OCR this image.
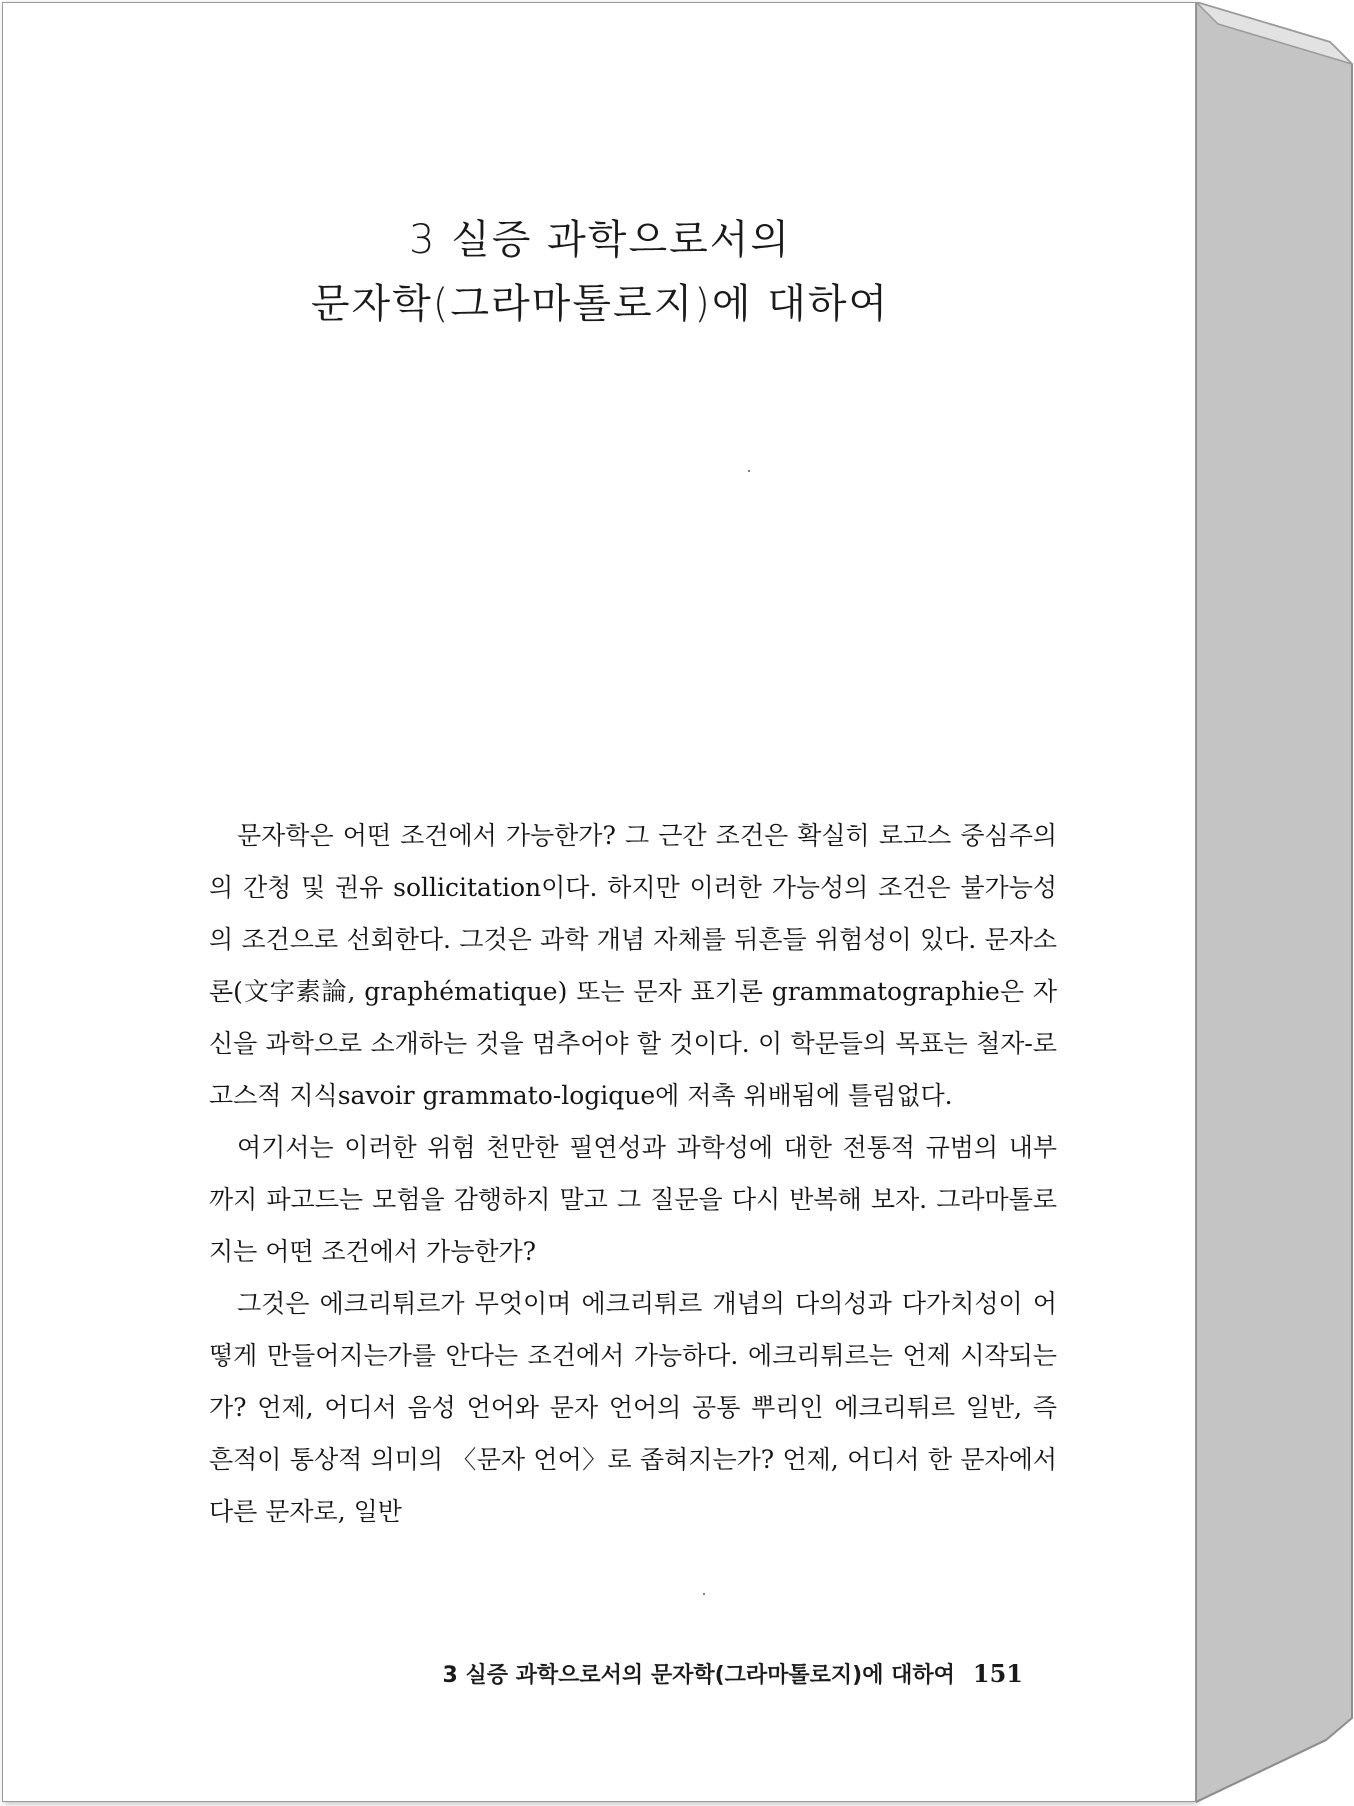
3 실증 과학으로서의
문자학(그라마톨로지)에 대하여

문자학은 어떤 조건에서 가능한가? 그 근간 조건은 확실히 로고스 중심주의의 간청 및 권유 sollicitation이다. 하지만 이러한 가능성의 조건은 불가능성의 조건으로 선회한다. 그것은 과학 개념 자체를 뒤흔들 위험성이 있다. 문자소론(文字素論, graphématique) 또는 문자 표기론 grammatographie은 자신을 과학으로 소개하는 것을 멈추어야 할 것이다. 이 학문들의 목표는 철자-로고스적 지식savoir grammato-logique에 저촉 위배됨에 틀림없다.

여기서는 이러한 위험 천만한 필연성과 과학성에 대한 전통적 규범의 내부까지 파고드는 모험을 감행하지 말고 그 질문을 다시 반복해 보자. 그라마톨로지는 어떤 조건에서 가능한가?

그것은 에크리튀르가 무엇이며 에크리튀르 개념의 다의성과 다가치성이 어떻게 만들어지는가를 안다는 조건에서 가능하다. 에크리튀르는 언제 시작되는가? 언제, 어디서 음성 언어와 문자 언어의 공통 뿌리인 에크리튀르 일반, 즉 흔적이 통상적 의미의 〈문자 언어〉로 좁혀지는가? 언제, 어디서 한 문자에서 다른 문자로, 일반

3 실증 과학으로서의 문자학(그라마톨로지)에 대하여 151
